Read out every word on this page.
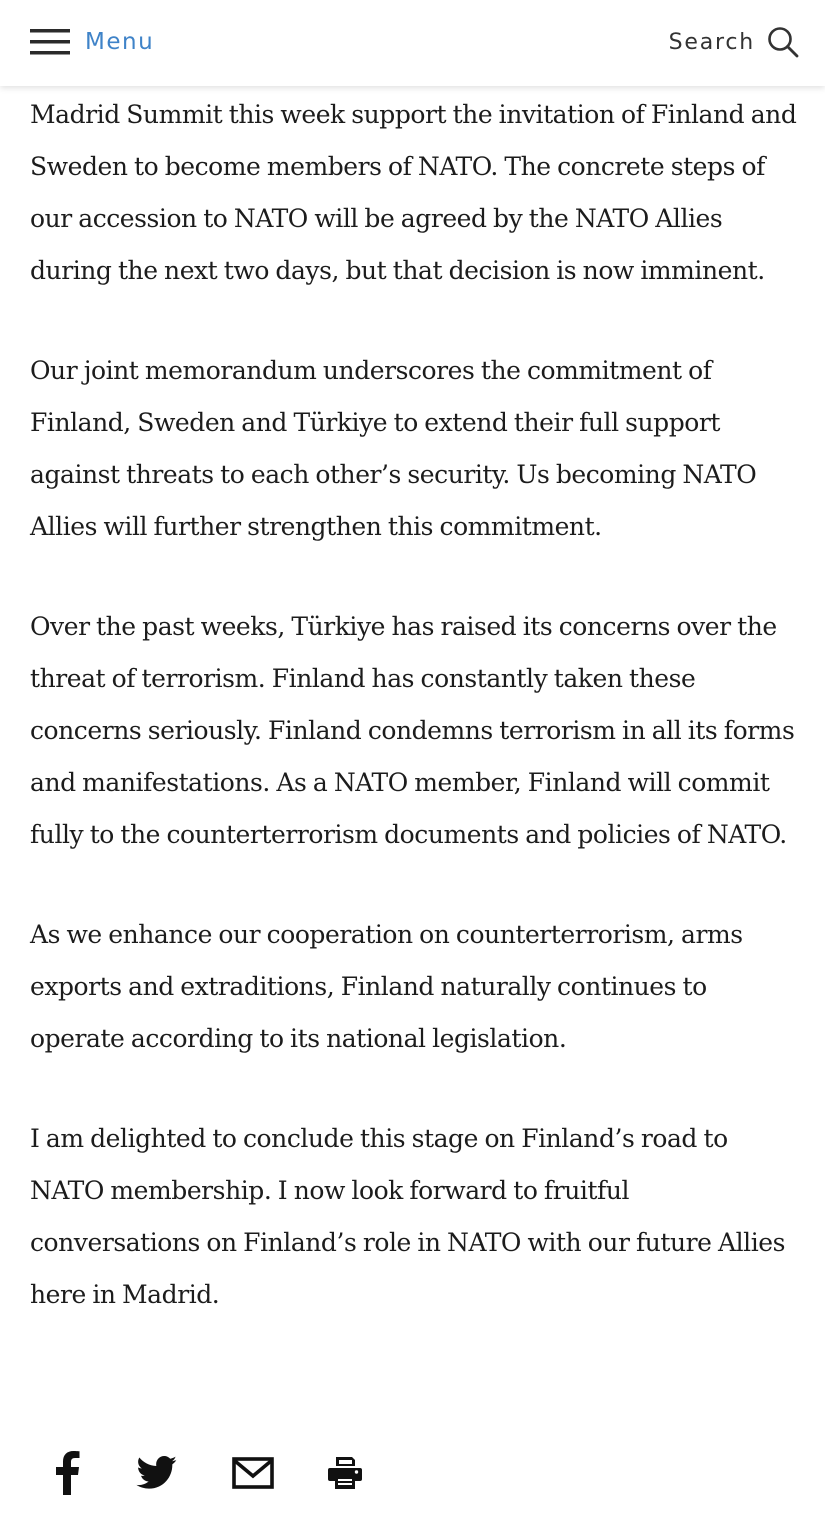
Menu	Search

Madrid Summit this week support the invitation of Finland and Sweden to become members of NATO. The concrete steps of our accession to NATO will be agreed by the NATO Allies during the next two days, but that decision is now imminent.

Our joint memorandum underscores the commitment of Finland, Sweden and Türkiye to extend their full support against threats to each other’s security. Us becoming NATO Allies will further strengthen this commitment.

Over the past weeks, Türkiye has raised its concerns over the threat of terrorism. Finland has constantly taken these concerns seriously. Finland condemns terrorism in all its forms and manifestations. As a NATO member, Finland will commit fully to the counterterrorism documents and policies of NATO.

As we enhance our cooperation on counterterrorism, arms exports and extraditions, Finland naturally continues to operate according to its national legislation.

I am delighted to conclude this stage on Finland’s road to NATO membership. I now look forward to fruitful conversations on Finland’s role in NATO with our future Allies here in Madrid.
